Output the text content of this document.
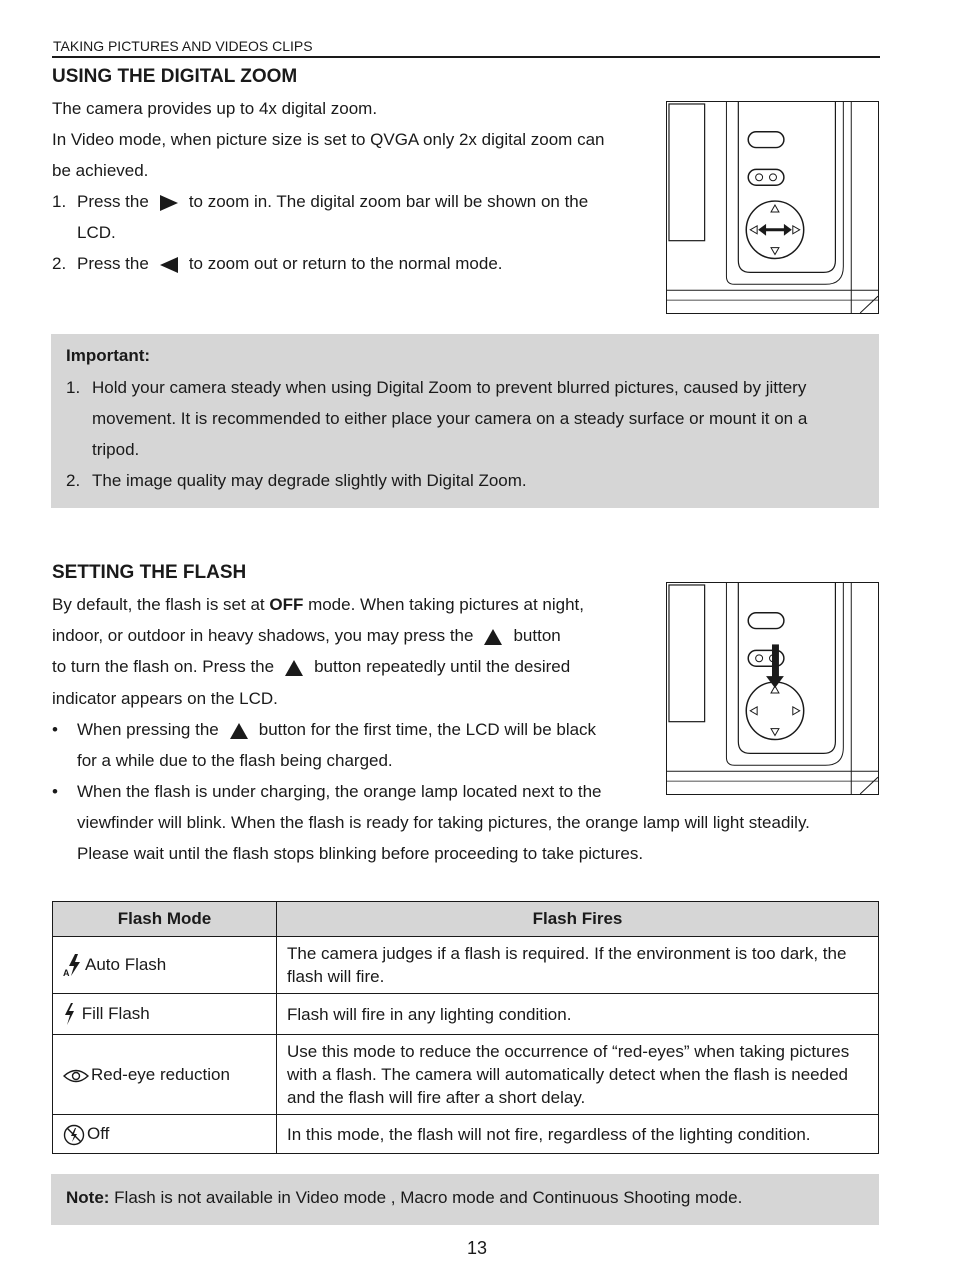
TAKING PICTURES AND VIDEOS CLIPS
USING THE DIGITAL ZOOM
The camera provides up to 4x digital zoom.
In Video mode, when picture size is set to QVGA only 2x digital zoom can
be achieved.
1. Press the to zoom in. The digital zoom bar will be shown on the
LCD.
2. Press the to zoom out or return to the normal mode.
Important:
1. Hold your camera steady when using Digital Zoom to prevent blurred pictures, caused by jittery
movement. It is recommended to either place your camera on a steady surface or mount it on a
tripod.
2. The image quality may degrade slightly with Digital Zoom.
SETTING THE FLASH
By default, the flash is set at OFF mode. When taking pictures at night,
indoor, or outdoor in heavy shadows, you may press the button
to turn the flash on. Press the button repeatedly until the desired
indicator appears on the LCD.
• When pressing the button for the first time, the LCD will be black
for a while due to the flash being charged.
• When the flash is under charging, the orange lamp located next to the
viewfinder will blink. When the flash is ready for taking pictures, the orange lamp will light steadily.
Please wait until the flash stops blinking before proceeding to take pictures.
Flash Mode	Flash Fires

A Auto Flash	The camera judges if a flash is required. If the environment is too dark, the flash will fire.
Fill Flash	Flash will fire in any lighting condition.
Red-eye reduction	Use this mode to reduce the occurrence of “red-eyes” when taking pictures with a flash. The camera will automatically detect when the flash is needed and the flash will fire after a short delay.
Off	In this mode, the flash will not fire, regardless of the lighting condition.
Note: Flash is not available in Video mode , Macro mode and Continuous Shooting mode.
13
